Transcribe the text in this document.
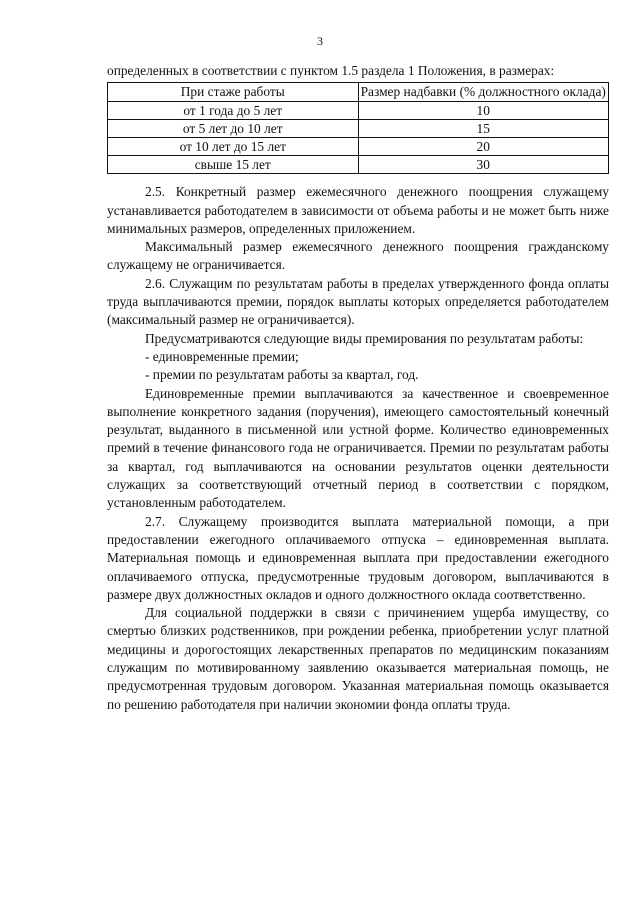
3

определенных в соответствии с пунктом 1.5 раздела 1 Положения, в размерах:

При стаже работы	Размер надбавки (% должностного оклада)
от 1 года до 5 лет	10
от 5 лет до 10 лет	15
от 10 лет до 15 лет	20
свыше 15 лет	30

2.5. Конкретный размер ежемесячного денежного поощрения служащему устанавливается работодателем в зависимости от объема работы и не может быть ниже минимальных размеров, определенных приложением.

Максимальный размер ежемесячного денежного поощрения гражданскому служащему не ограничивается.

2.6. Служащим по результатам работы в пределах утвержденного фонда оплаты труда выплачиваются премии, порядок выплаты которых определяется работодателем (максимальный размер не ограничивается).

Предусматриваются следующие виды премирования по результатам работы:

- единовременные премии;

- премии по результатам работы за квартал, год.

Единовременные премии выплачиваются за качественное и своевременное выполнение конкретного задания (поручения), имеющего самостоятельный конечный результат, выданного в письменной или устной форме. Количество единовременных премий в течение финансового года не ограничивается. Премии по результатам работы за квартал, год выплачиваются на основании результатов оценки деятельности служащих за соответствующий отчетный период в соответствии с порядком, установленным работодателем.

2.7. Служащему производится выплата материальной помощи, а при предоставлении ежегодного оплачиваемого отпуска – единовременная выплата. Материальная помощь и единовременная выплата при предоставлении ежегодного оплачиваемого отпуска, предусмотренные трудовым договором, выплачиваются в размере двух должностных окладов и одного должностного оклада соответственно.

Для социальной поддержки в связи с причинением ущерба имуществу, со смертью близких родственников, при рождении ребенка, приобретении услуг платной медицины и дорогостоящих лекарственных препаратов по медицинским показаниям служащим по мотивированному заявлению оказывается материальная помощь, не предусмотренная трудовым договором. Указанная материальная помощь оказывается по решению работодателя при наличии экономии фонда оплаты труда.
